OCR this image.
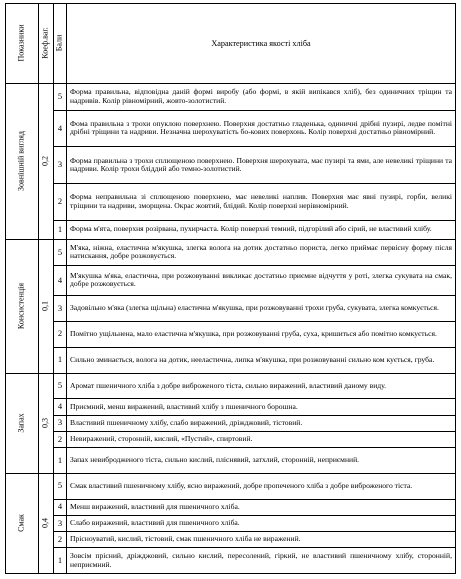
Показники	Коеф.ваг.	Бали	Характеристика якості хліба

Зовнішній вигляд	0,2	5	Форма правильна, відповідна даній формі виробу (або формі, в якій випікався хліб), без одиничних тріщин та надривів. Колір рівномірний, жовто-золотистий.
		4	Фома правильна з трохи опуклою поверхнею. Поверхня достатньо гладенька, одиничні дрібні пузирі, ледве помітні дрібні тріщини та надриви. Незначна шерохуватість бо-кових поверхонь. Колір поверхні достатньо рівномірний.
		3	Форма правильна з трохи сплющеною поверхнею. Поверхня шерохувата, має пузирі та ями, але невеликі тріщини та надриви. Колір трохи бліддий або темно-золотистий.
		2	Форма неправильна зі сплющеною поверхнею, має невеликі наплив. Поверхня має явні пузирі, горби, великі тріщини та надриви, зморщена. Окрас жовтий, блідий. Колір поверхні нерівномірний.
		1	Форма м'ята, поверхня розірвана, пухирчаста. Колір поверхні темний, підгорілий або сірий, не властивий хлібу.

Консистенція	0,1	5	М'яка, ніжна, еластична м'якушка, злегка волога на дотик достатньо пориста, легко приймає первісну форму після натискання, добре розжовується.
		4	М'якушка м'яка, еластична, при розжовуванні викликає достатньо приємне відчуття у роті, злегка сукувата на смак, добре розжовується.
		3	Задовільно м'яка (злегка щільна) еластична м'якушка, при розжовуванні трохи груба, сукувата, злегка комкується.
		2	Помітно ущільнена, мало еластична м'якушка, при розжовуванні груба, суха, кришиться або помітно комкується.
		1	Сильно зминається, волога на дотик, нееластична, липка м'якушка, при розжовуванні сильно ком кується, груба.

Запах	0,3	5	Аромат пшеничного хліба з добре виброженого тіста, сильно виражений, властивий даному виду.
		4	Приємний, менш виражений, властивий хлібу з пшеничного борошна.
		3	Властивий пшеничному хлібу, слабо виражений, дріжджовий, тістовий.
		2	Невиражений, сторонній, кислий, «Пустий», спиртовий.
		1	Запах невибродженого тіста, сильно кислий, пліснявий, затхлий, сторонній, неприємний.

Смак	0,4	5	Смак властивий пшеничному хлібу, ясно виражений, добре пропеченого хліба з добре виброженого тіста.
		4	Менш виражений, властивий для пшеничного хліба.
		3	Слабо виражений, властивий для пшеничного хліба.
		2	Прісноуватий, кислий, тістовий, смак пшеничного хліба не виражений.
		1	Зовсім прісний, дріжджовий, сильно кислий, пересолений, гіркий, не властивий пшеничному хлібу, сторонній, неприємний.
